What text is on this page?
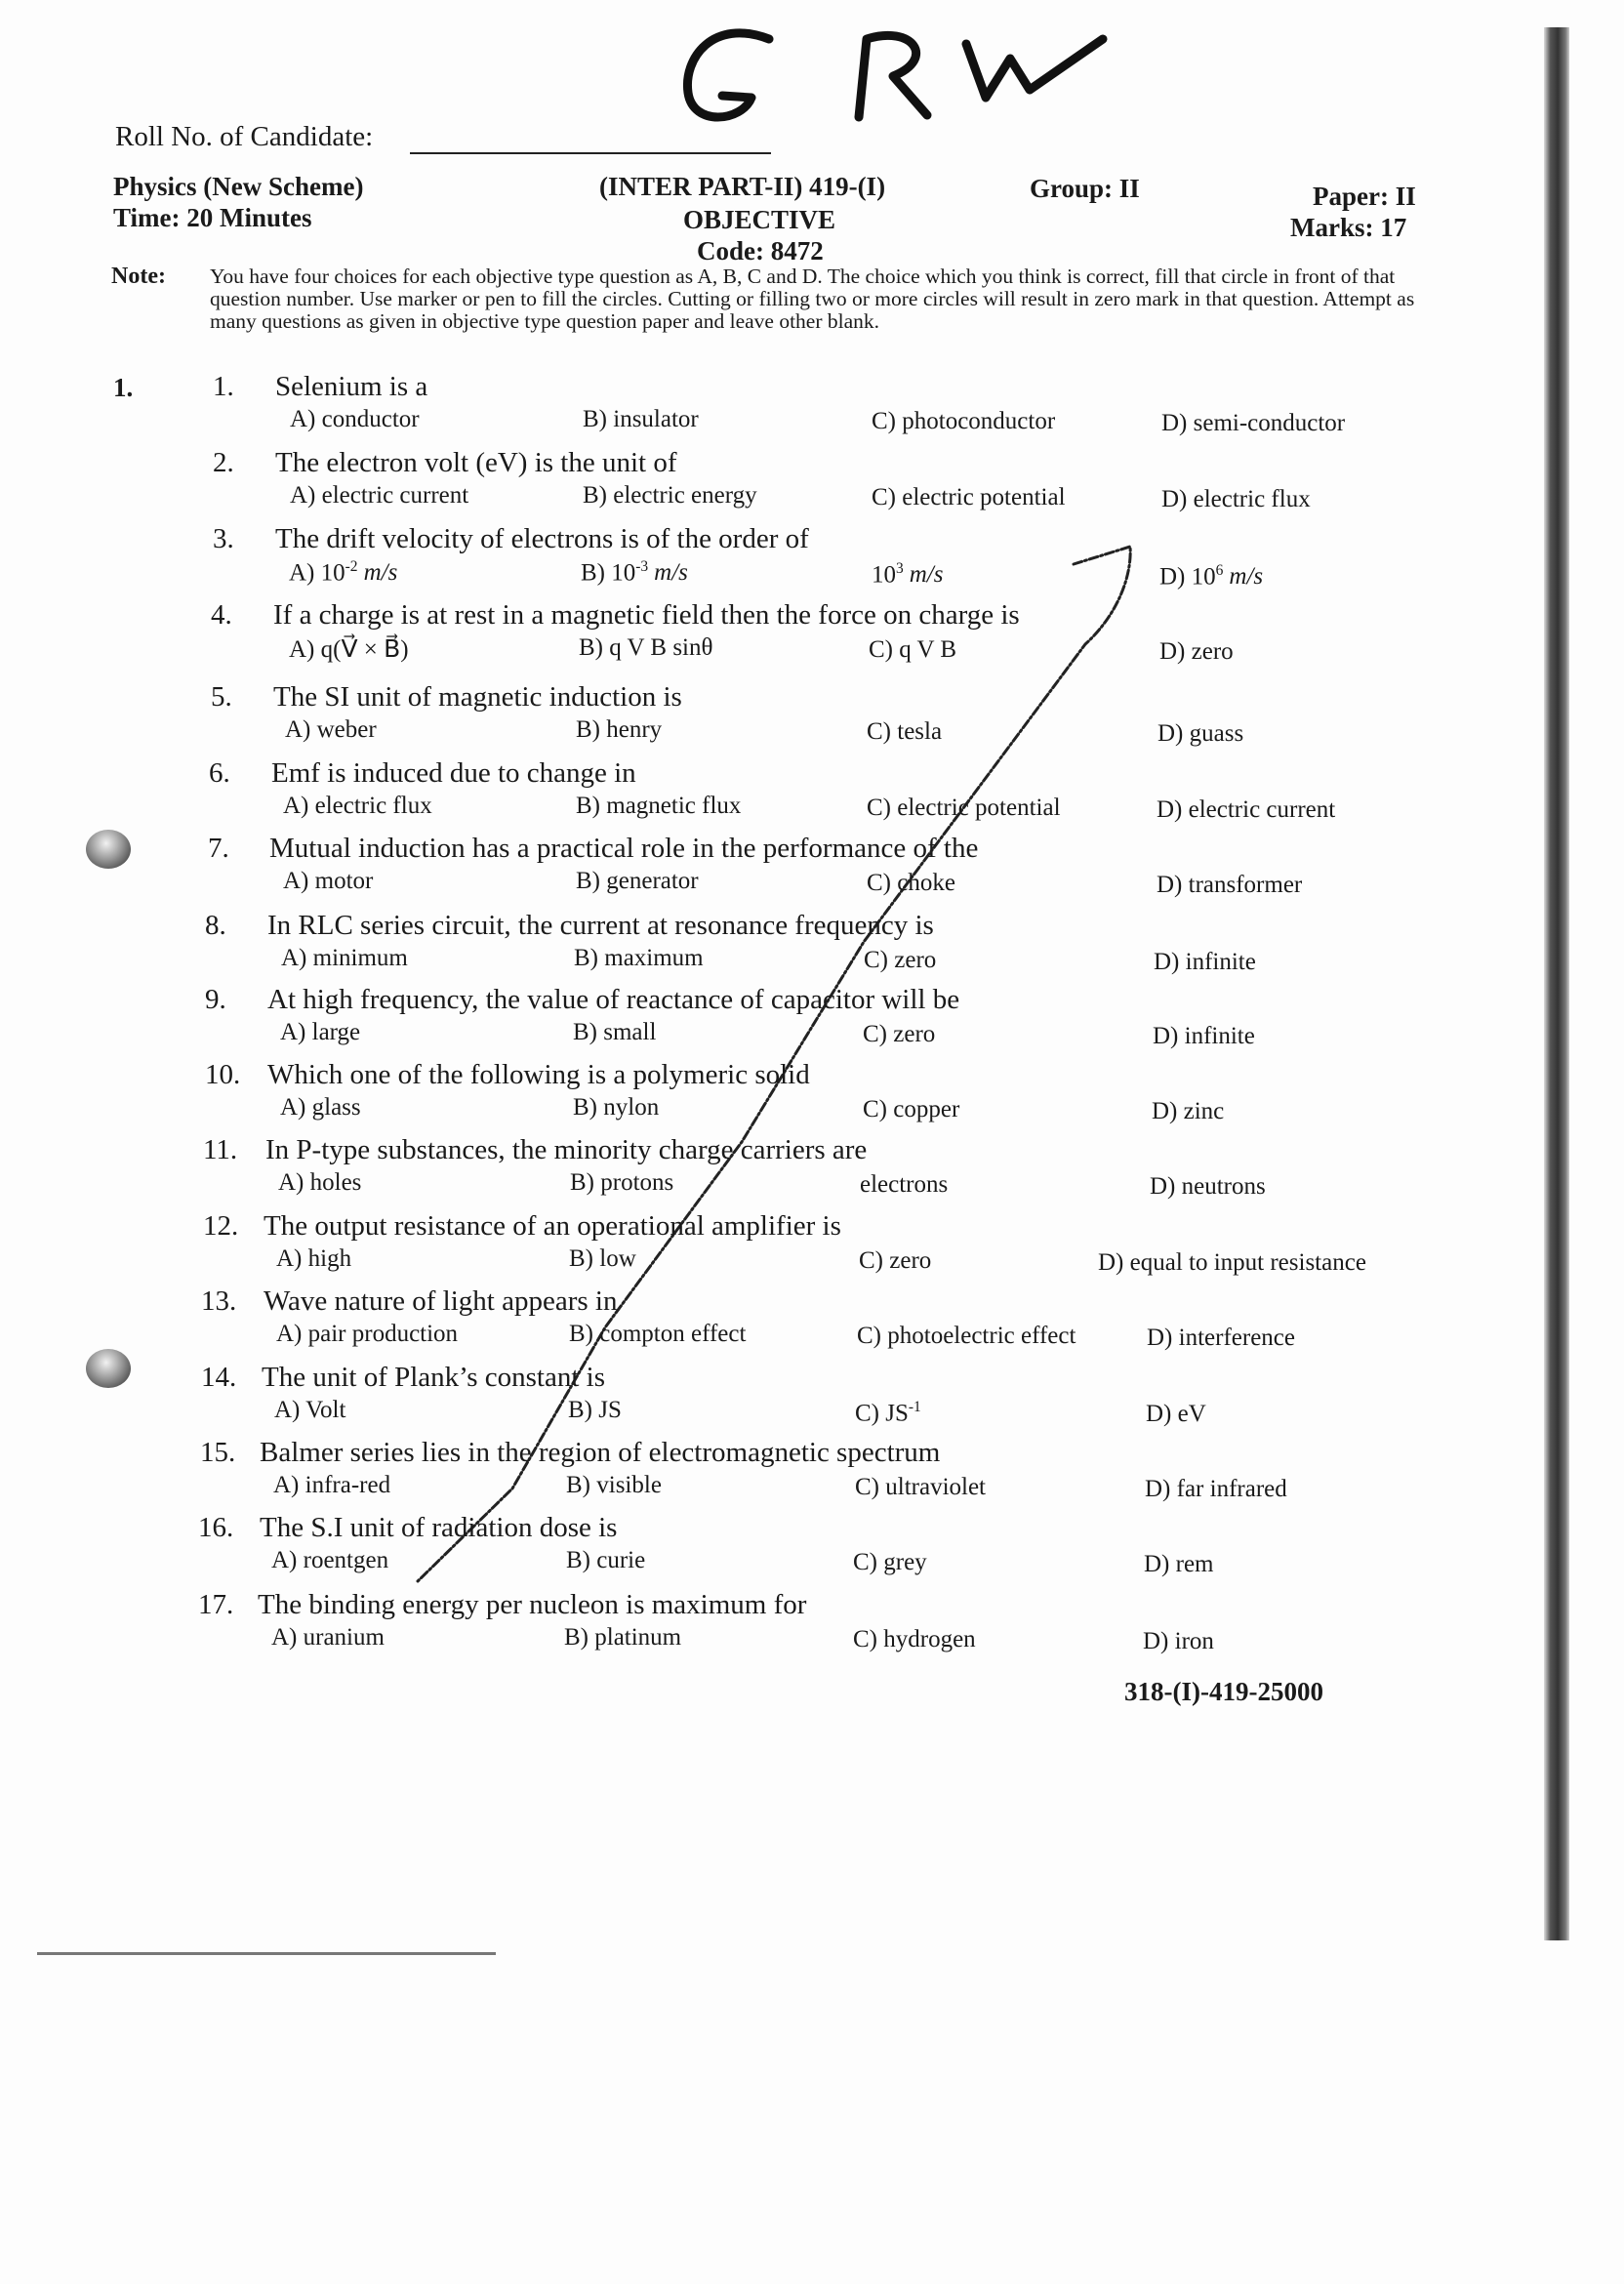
Roll No. of Candidate:
Physics (New Scheme)
Time: 20 Minutes
(INTER PART-II) 419-(I)
OBJECTIVE
Code: 8472
Group: II	Paper: II
Marks: 17
Note: You have four choices for each objective type question as A, B, C and D. The choice which you think is correct, fill that circle in front of that question number. Use marker or pen to fill the circles. Cutting or filling two or more circles will result in zero mark in that question. Attempt as many questions as given in objective type question paper and leave other blank.
1.	1. Selenium is a
A) conductor	B) insulator	C) photoconductor	D) semi-conductor
2. The electron volt (eV) is the unit of
A) electric current	B) electric energy	C) electric potential	D) electric flux
3. The drift velocity of electrons is of the order of
A) $10^{-2}$ m/s	B) $10^{-3}$ m/s	$10^3$ m/s	D) $10^6$ m/s
4. If a charge is at rest in a magnetic field then the force on charge is
A) q(V⃗ × B⃗)	B) q V B sinθ	C) q V B	D) zero
5. The SI unit of magnetic induction is
A) weber	B) henry	C) tesla	D) guass
6. Emf is induced due to change in
A) electric flux	B) magnetic flux	C) electric potential	D) electric current
7. Mutual induction has a practical role in the performance of the
A) motor	B) generator	C) choke	D) transformer
8. In RLC series circuit, the current at resonance frequency is
A) minimum	B) maximum	C) zero	D) infinite
9. At high frequency, the value of reactance of capacitor will be
A) large	B) small	C) zero	D) infinite
10. Which one of the following is a polymeric solid
A) glass	B) nylon	C) copper	D) zinc
11. In P-type substances, the minority charge carriers are
A) holes	B) protons	electrons	D) neutrons
12. The output resistance of an operational amplifier is
A) high	B) low	C) zero	D) equal to input resistance
13. Wave nature of light appears in
A) pair production	B) compton effect	C) photoelectric effect	D) interference
14. The unit of Plank’s constant is
A) Volt	B) JS	C) $JS^{-1}$	D) eV
15. Balmer series lies in the region of electromagnetic spectrum
A) infra-red	B) visible	C) ultraviolet	D) far infrared
16. The S.I unit of radiation dose is
A) roentgen	B) curie	C) grey	D) rem
17. The binding energy per nucleon is maximum for
A) uranium	B) platinum	C) hydrogen	D) iron
318-(I)-419-25000
